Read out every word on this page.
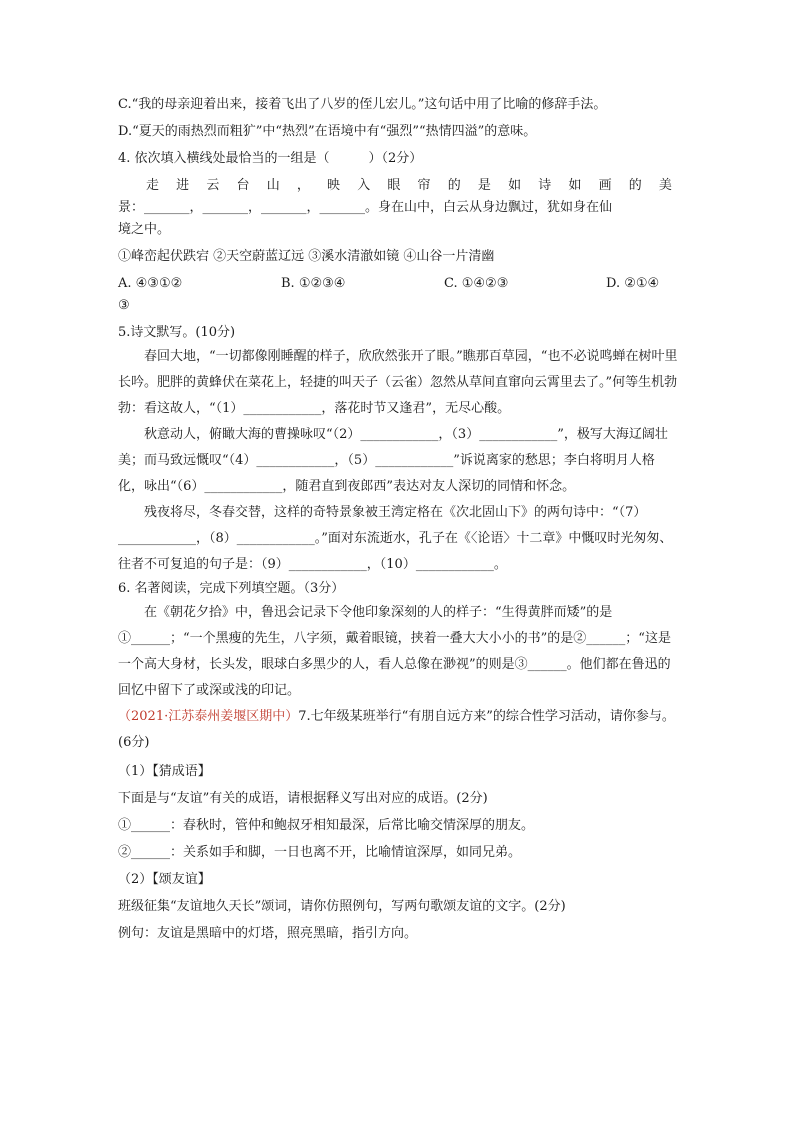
C.“我的母亲迎着出来，接着飞出了八岁的侄儿宏儿。”这句话中用了比喻的修辞手法。
D.“夏天的雨热烈而粗犷”中“热烈”在语境中有“强烈”“热情四溢”的意味。
4. 依次填入横线处最恰当的一组是（　　　）（2分）
走 进 云 台 山 ， 映 入 眼 帘 的 是 如 诗 如 画 的 美
景：_______，_______，_______，_______。身在山中，白云从身边飘过，犹如身在仙
境之中。
①峰峦起伏跌宕 ②天空蔚蓝辽远 ③溪水清澈如镜 ④山谷一片清幽
A. ④③①②	B. ①②③④	C. ①④②③	D. ②①④
③
5.诗文默写。(10分)

春回大地，“一切都像刚睡醒的样子，欣欣然张开了眼。”瞧那百草园，“也不必说鸣蝉在树叶里长吟。肥胖的黄蜂伏在菜花上，轻捷的叫天子（云雀）忽然从草间直窜向云霄里去了。”何等生机勃勃：看这故人，“（1）____________，落花时节又逢君”，无尽心酸。

秋意动人，俯瞰大海的曹操咏叹“（2）____________，（3）____________”，极写大海辽阔壮美；而马致远慨叹“（4）____________，（5）____________”诉说离家的愁思；李白将明月人格化，咏出“（6）____________，随君直到夜郎西”表达对友人深切的同情和怀念。

残夜将尽，冬春交替，这样的奇特景象被王湾定格在《次北固山下》的两句诗中：“（7）____________，（8）____________。”面对东流逝水，孔子在《〈论语〉十二章》中慨叹时光匆匆、往者不可复追的句子是：（9）____________，（10）____________。

6. 名著阅读，完成下列填空题。（3分）

在《朝花夕拾》中，鲁迅会记录下令他印象深刻的人的样子：“生得黄胖而矮”的是①______；“一个黑瘦的先生，八字须，戴着眼镜，挟着一叠大大小小的书”的是②______；“这是一个高大身材，长头发，眼球白多黑少的人，看人总像在渺视”的则是③______。他们都在鲁迅的回忆中留下了或深或浅的印记。

（2021·江苏泰州姜堰区期中）7.七年级某班举行“有朋自远方来”的综合性学习活动，请你参与。(6分)

（1）【猜成语】
下面是与“友谊”有关的成语，请根据释义写出对应的成语。(2分)
①______：春秋时，管仲和鲍叔牙相知最深，后常比喻交情深厚的朋友。
②______：关系如手和脚，一日也离不开，比喻情谊深厚，如同兄弟。
（2）【颂友谊】
班级征集“友谊地久天长”颂词，请你仿照例句，写两句歌颂友谊的文字。(2分)
例句：友谊是黑暗中的灯塔，照亮黑暗，指引方向。
